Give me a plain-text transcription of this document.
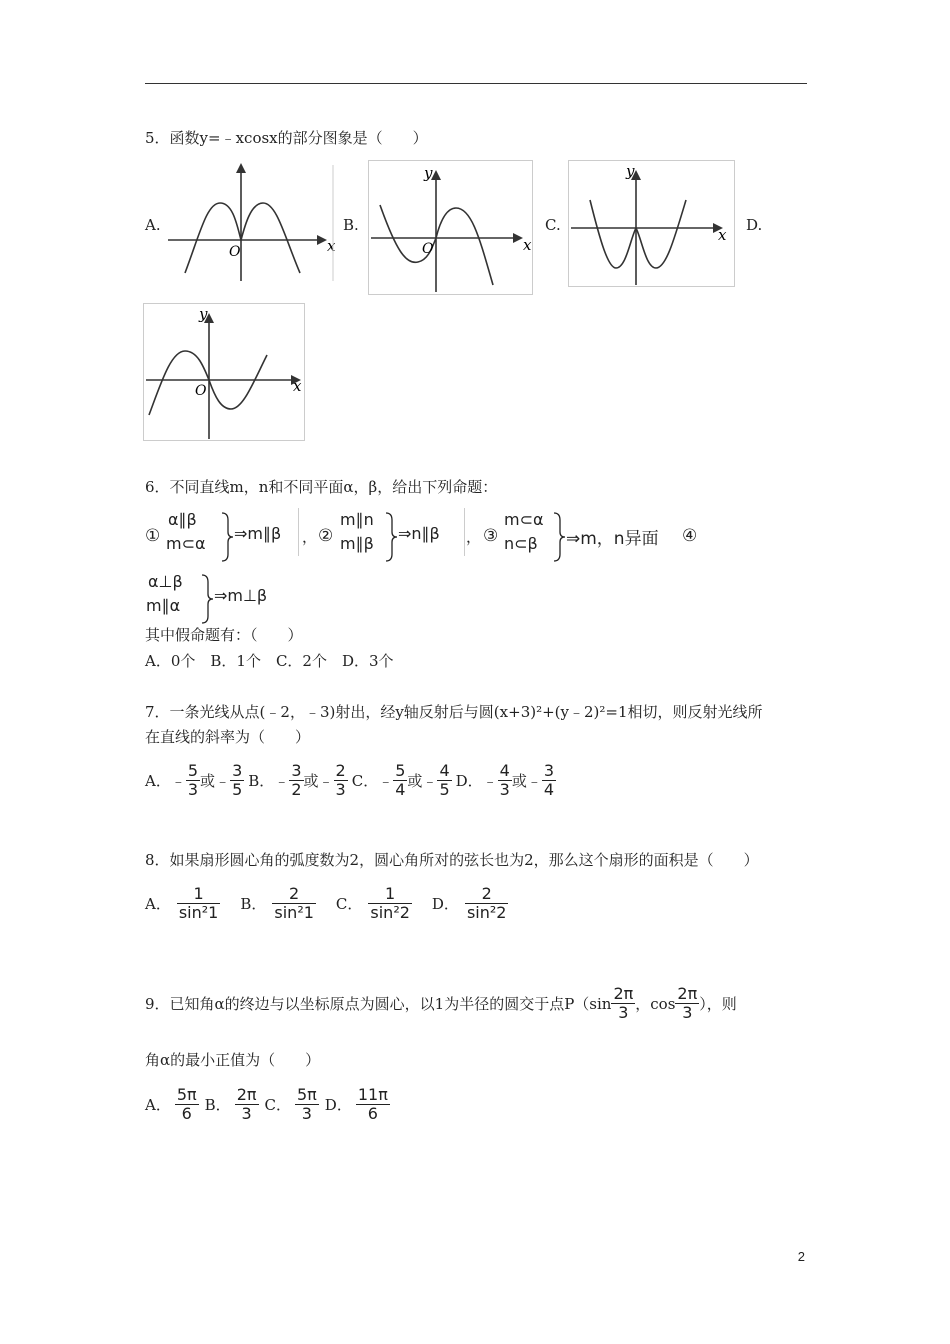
5．函数y=﹣xcosx的部分图象是（　　）
A.
x
O
B.
x
y
O
C.
x
y
D.
x
y
O
6．不同直线m，n和不同平面α，β，给出下列命题：
①
α∥β
m⊂α
⇒m∥β ， ②
m∥n
m∥β
⇒n∥β ， ③
m⊂α
n⊂β	⇒m，n异面 ④
α⊥β
m∥α
⇒m⊥β
其中假命题有：（　　）
A．0个　B．1个　C．2个　D．3个
7．一条光线从点(﹣2，﹣3)射出，经y轴反射后与圆(x+3)²+(y﹣2)²=1相切，则反射光线所
在直线的斜率为（　　）
A． ﹣ $\frac{5}{3}$ 或 ﹣ $\frac{3}{5}$ B． ﹣ $\frac{3}{2}$ 或 ﹣ $\frac{2}{3}$ C． ﹣ $\frac{5}{4}$ 或 ﹣ $\frac{4}{5}$ D． ﹣ $\frac{4}{3}$ 或 ﹣ $\frac{3}{4}$
8．如果扇形圆心角的弧度数为2，圆心角所对的弦长也为2，那么这个扇形的面积是（　　）
A． $\frac{1}{\text{sin²1}}$ B． $\frac{2}{\text{sin²1}}$ C． $\frac{1}{\text{sin²2}}$ D． $\frac{2}{\text{sin²2}}$
9．已知角α的终边与以坐标原点为圆心，以1为半径的圆交于点$P(\sin \frac{2\pi}{3}$ ，$\cos \frac{2\pi}{3}$ ），则
角α的最小正值为（　　）
A． $\frac{5\pi}{6}$ B． $\frac{2\pi}{3}$ C． $\frac{5\pi}{3}$ D． $\frac{11\pi}{6}$
2
